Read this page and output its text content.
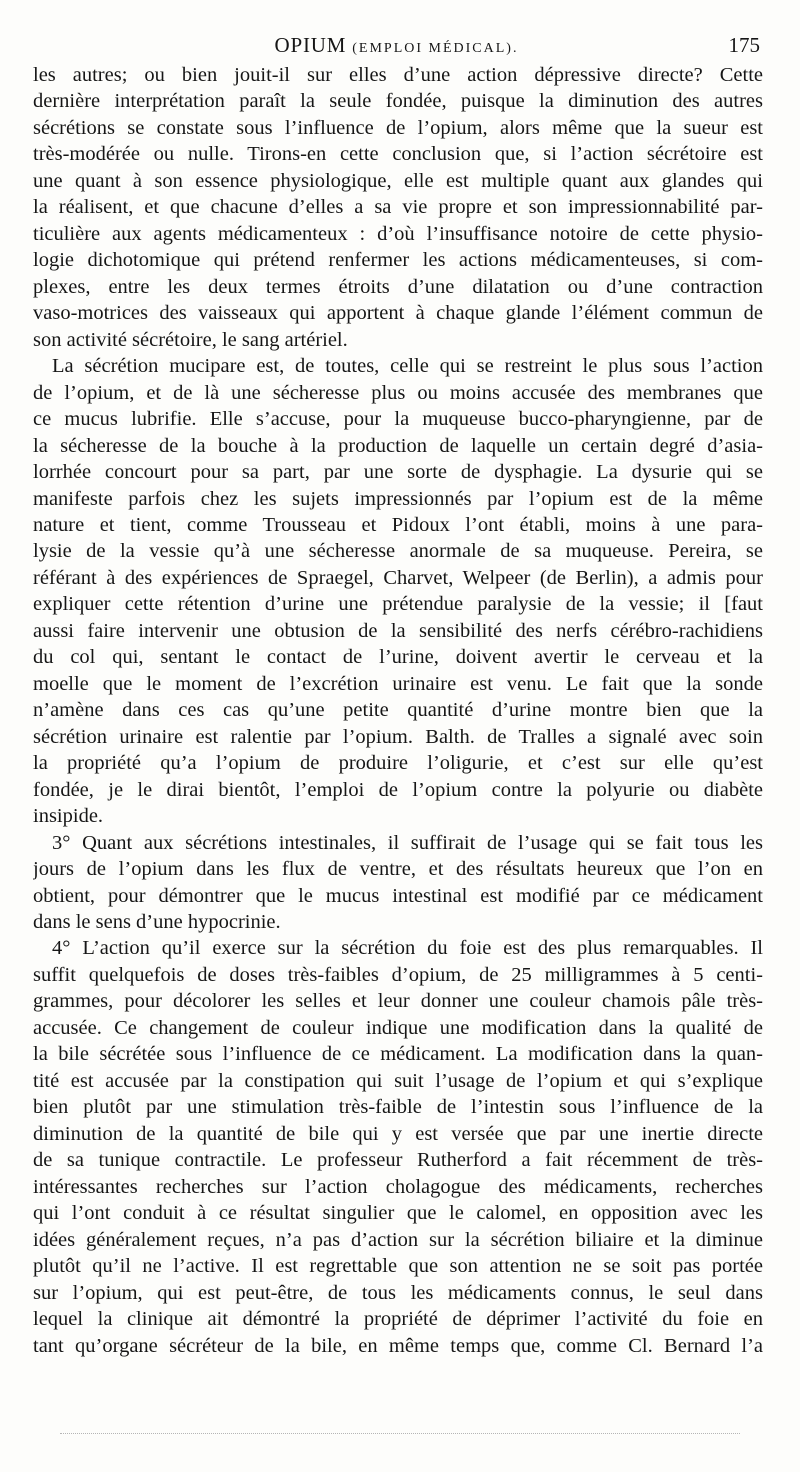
OPIUM (EMPLOI MÉDICAL).	175
les autres; ou bien jouit-il sur elles d’une action dépressive directe? Cette
dernière interprétation paraît la seule fondée, puisque la diminution des autres
sécrétions se constate sous l’influence de l’opium, alors même que la sueur est
très-modérée ou nulle. Tirons-en cette conclusion que, si l’action sécrétoire est
une quant à son essence physiologique, elle est multiple quant aux glandes qui
la réalisent, et que chacune d’elles a sa vie propre et son impressionnabilité par-
ticulière aux agents médicamenteux : d’où l’insuffisance notoire de cette physio-
logie dichotomique qui prétend renfermer les actions médicamenteuses, si com-
plexes, entre les deux termes étroits d’une dilatation ou d’une contraction
vaso-motrices des vaisseaux qui apportent à chaque glande l’élément commun de
son activité sécrétoire, le sang artériel.
La sécrétion mucipare est, de toutes, celle qui se restreint le plus sous l’action
de l’opium, et de là une sécheresse plus ou moins accusée des membranes que
ce mucus lubrifie. Elle s’accuse, pour la muqueuse bucco-pharyngienne, par de
la sécheresse de la bouche à la production de laquelle un certain degré d’asia-
lorrhée concourt pour sa part, par une sorte de dysphagie. La dysurie qui se
manifeste parfois chez les sujets impressionnés par l’opium est de la même
nature et tient, comme Trousseau et Pidoux l’ont établi, moins à une para-
lysie de la vessie qu’à une sécheresse anormale de sa muqueuse. Pereira, se
référant à des expériences de Spraegel, Charvet, Welpeer (de Berlin), a admis pour
expliquer cette rétention d’urine une prétendue paralysie de la vessie; il [faut
aussi faire intervenir une obtusion de la sensibilité des nerfs cérébro-rachidiens
du col qui, sentant le contact de l’urine, doivent avertir le cerveau et la
moelle que le moment de l’excrétion urinaire est venu. Le fait que la sonde
n’amène dans ces cas qu’une petite quantité d’urine montre bien que la
sécrétion urinaire est ralentie par l’opium. Balth. de Tralles a signalé avec soin
la propriété qu’a l’opium de produire l’oligurie, et c’est sur elle qu’est
fondée, je le dirai bientôt, l’emploi de l’opium contre la polyurie ou diabète
insipide.
3° Quant aux sécrétions intestinales, il suffirait de l’usage qui se fait tous les
jours de l’opium dans les flux de ventre, et des résultats heureux que l’on en
obtient, pour démontrer que le mucus intestinal est modifié par ce médicament
dans le sens d’une hypocrinie.
4° L’action qu’il exerce sur la sécrétion du foie est des plus remarquables. Il
suffit quelquefois de doses très-faibles d’opium, de 25 milligrammes à 5 centi-
grammes, pour décolorer les selles et leur donner une couleur chamois pâle très-
accusée. Ce changement de couleur indique une modification dans la qualité de
la bile sécrétée sous l’influence de ce médicament. La modification dans la quan-
tité est accusée par la constipation qui suit l’usage de l’opium et qui s’explique
bien plutôt par une stimulation très-faible de l’intestin sous l’influence de la
diminution de la quantité de bile qui y est versée que par une inertie directe
de sa tunique contractile. Le professeur Rutherford a fait récemment de très-
intéressantes recherches sur l’action cholagogue des médicaments, recherches
qui l’ont conduit à ce résultat singulier que le calomel, en opposition avec les
idées généralement reçues, n’a pas d’action sur la sécrétion biliaire et la diminue
plutôt qu’il ne l’active. Il est regrettable que son attention ne se soit pas portée
sur l’opium, qui est peut-être, de tous les médicaments connus, le seul dans
lequel la clinique ait démontré la propriété de déprimer l’activité du foie en
tant qu’organe sécréteur de la bile, en même temps que, comme Cl. Bernard l’a
